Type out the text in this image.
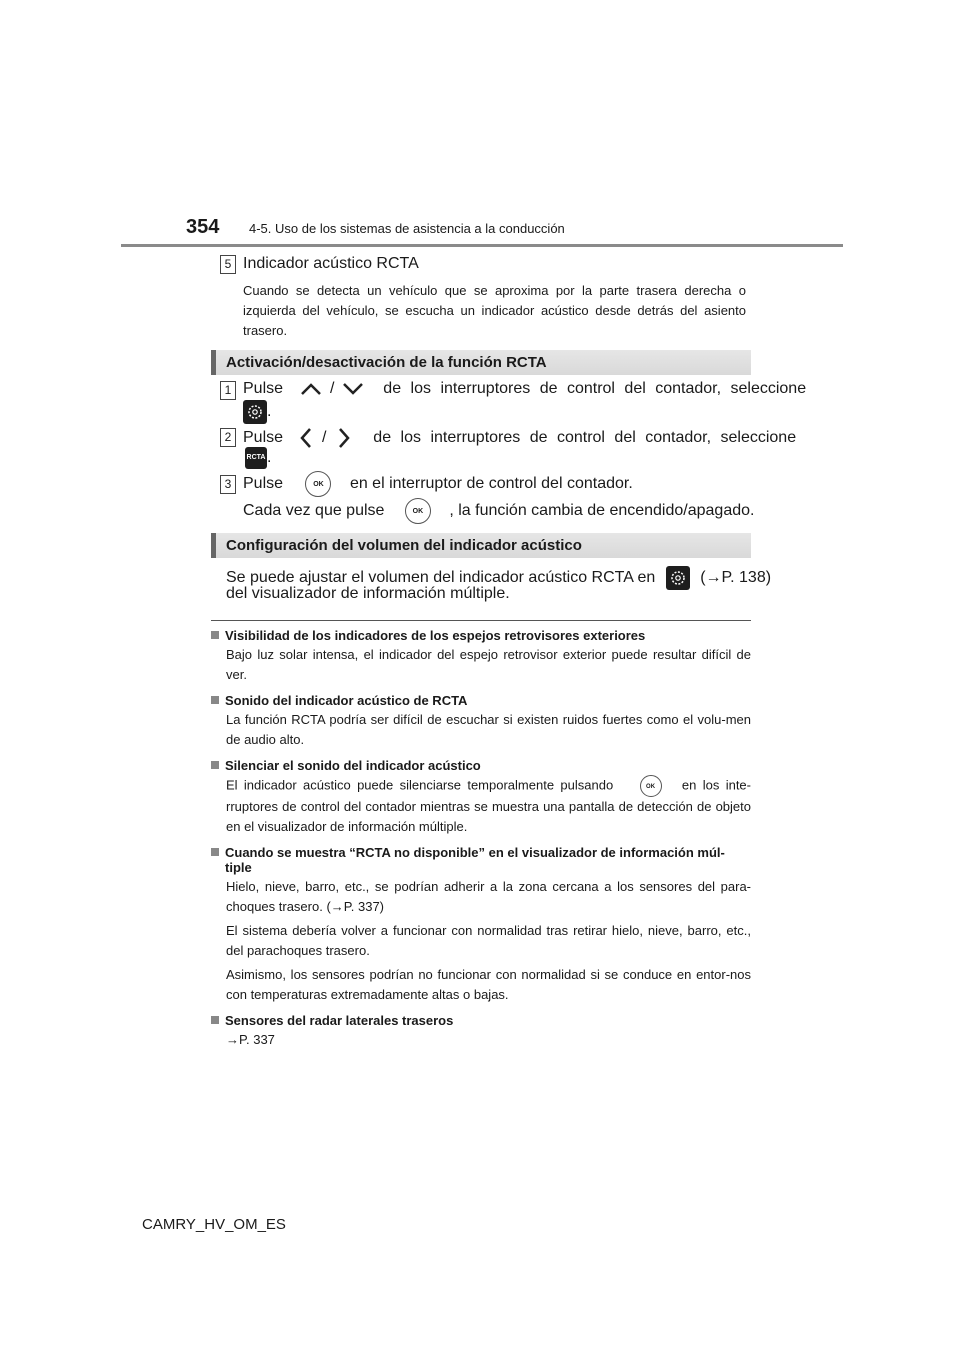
354 4-5. Uso de los sistemas de asistencia a la conducción
5 Indicador acústico RCTA
Cuando se detecta un vehículo que se aproxima por la parte trasera derecha o izquierda del vehículo, se escucha un indicador acústico desde detrás del asiento trasero.
Activación/desactivación de la función RCTA
1 Pulse	/	de los interruptores de control del contador, seleccione
.
2 Pulse /	de los interruptores de control del contador, seleccione
RCTA.
3 Pulse	OK en el interruptor de control del contador.
Cada vez que pulse	OK , la función cambia de encendido/apagado.
Configuración del volumen del indicador acústico
Se puede ajustar el volumen del indicador acústico RCTA en	(→P. 138)
del visualizador de información múltiple.
Visibilidad de los indicadores de los espejos retrovisores exteriores
Bajo luz solar intensa, el indicador del espejo retrovisor exterior puede resultar difícil de ver.
Sonido del indicador acústico de RCTA
La función RCTA podría ser difícil de escuchar si existen ruidos fuertes como el volu-men de audio alto.
Silenciar el sonido del indicador acústico
El indicador acústico puede silenciarse temporalmente pulsando	OK en los inte-rruptores de control del contador mientras se muestra una pantalla de detección de objeto en el visualizador de información múltiple.
Cuando se muestra “RCTA no disponible” en el visualizador de información múl-tiple
Hielo, nieve, barro, etc., se podrían adherir a la zona cercana a los sensores del para-choques trasero. (→P. 337)
El sistema debería volver a funcionar con normalidad tras retirar hielo, nieve, barro, etc., del parachoques trasero.
Asimismo, los sensores podrían no funcionar con normalidad si se conduce en entor-nos con temperaturas extremadamente altas o bajas.
Sensores del radar laterales traseros
→P. 337
CAMRY_HV_OM_ES
